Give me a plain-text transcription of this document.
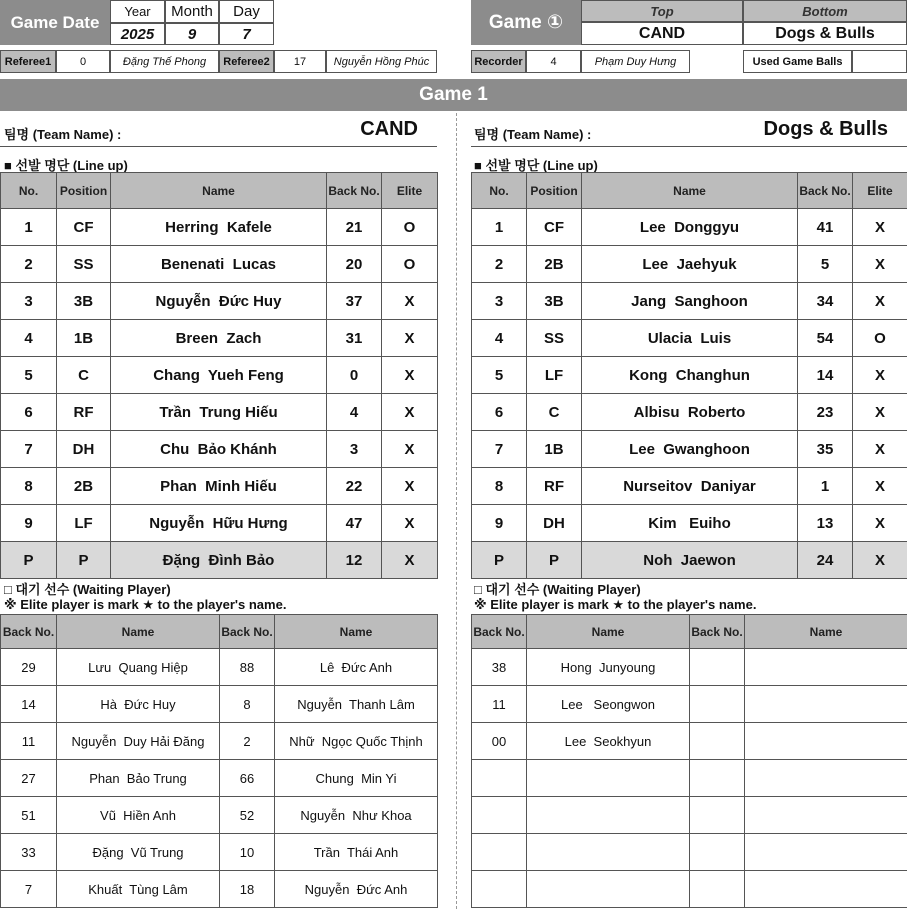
Game Date
Year	Month	Day
2025	9	7
Referee1	0	Đặng Thế Phong	Referee2	17	Nguyễn Hồng Phúc
Game ①
Top	Bottom
CAND	Dogs & Bulls
Recorder	4	Phạm Duy Hưng	Used Game Balls
Game 1
팀명 (Team Name) :	CAND
■ 선발 명단 (Line up)
No.	Position	Name	Back No.	Elite
1	CF	Herring  Kafele	21	O
2	SS	Benenati  Lucas	20	O
3	3B	Nguyễn  Đức Huy	37	X
4	1B	Breen  Zach	31	X
5	C	Chang  Yueh Feng	0	X
6	RF	Trần  Trung Hiếu	4	X
7	DH	Chu  Bảo Khánh	3	X
8	2B	Phan  Minh Hiếu	22	X
9	LF	Nguyễn  Hữu Hưng	47	X
P	P	Đặng  Đình Bảo	12	X
□ 대기 선수 (Waiting Player)
※ Elite player is mark ★ to the player's name.
Back No.	Name	Back No.	Name
29	Lưu  Quang Hiệp	88	Lê  Đức Anh
14	Hà  Đức Huy	8	Nguyễn  Thanh Lâm
11	Nguyễn  Duy Hải Đăng	2	Nhữ  Ngọc Quốc Thịnh
27	Phan  Bảo Trung	66	Chung  Min Yi
51	Vũ  Hiền Anh	52	Nguyễn  Như Khoa
33	Đặng  Vũ Trung	10	Trần  Thái Anh
7	Khuất  Tùng Lâm	18	Nguyễn  Đức Anh
팀명 (Team Name) :	Dogs & Bulls
■ 선발 명단 (Line up)
No.	Position	Name	Back No.	Elite
1	CF	Lee  Donggyu	41	X
2	2B	Lee  Jaehyuk	5	X
3	3B	Jang  Sanghoon	34	X
4	SS	Ulacia  Luis	54	O
5	LF	Kong  Changhun	14	X
6	C	Albisu  Roberto	23	X
7	1B	Lee  Gwanghoon	35	X
8	RF	Nurseitov  Daniyar	1	X
9	DH	Kim   Euiho	13	X
P	P	Noh  Jaewon	24	X
□ 대기 선수 (Waiting Player)
※ Elite player is mark ★ to the player's name.
Back No.	Name	Back No.	Name
38	Hong  Junyoung		
11	Lee   Seongwon		
00	Lee  Seokhyun		
